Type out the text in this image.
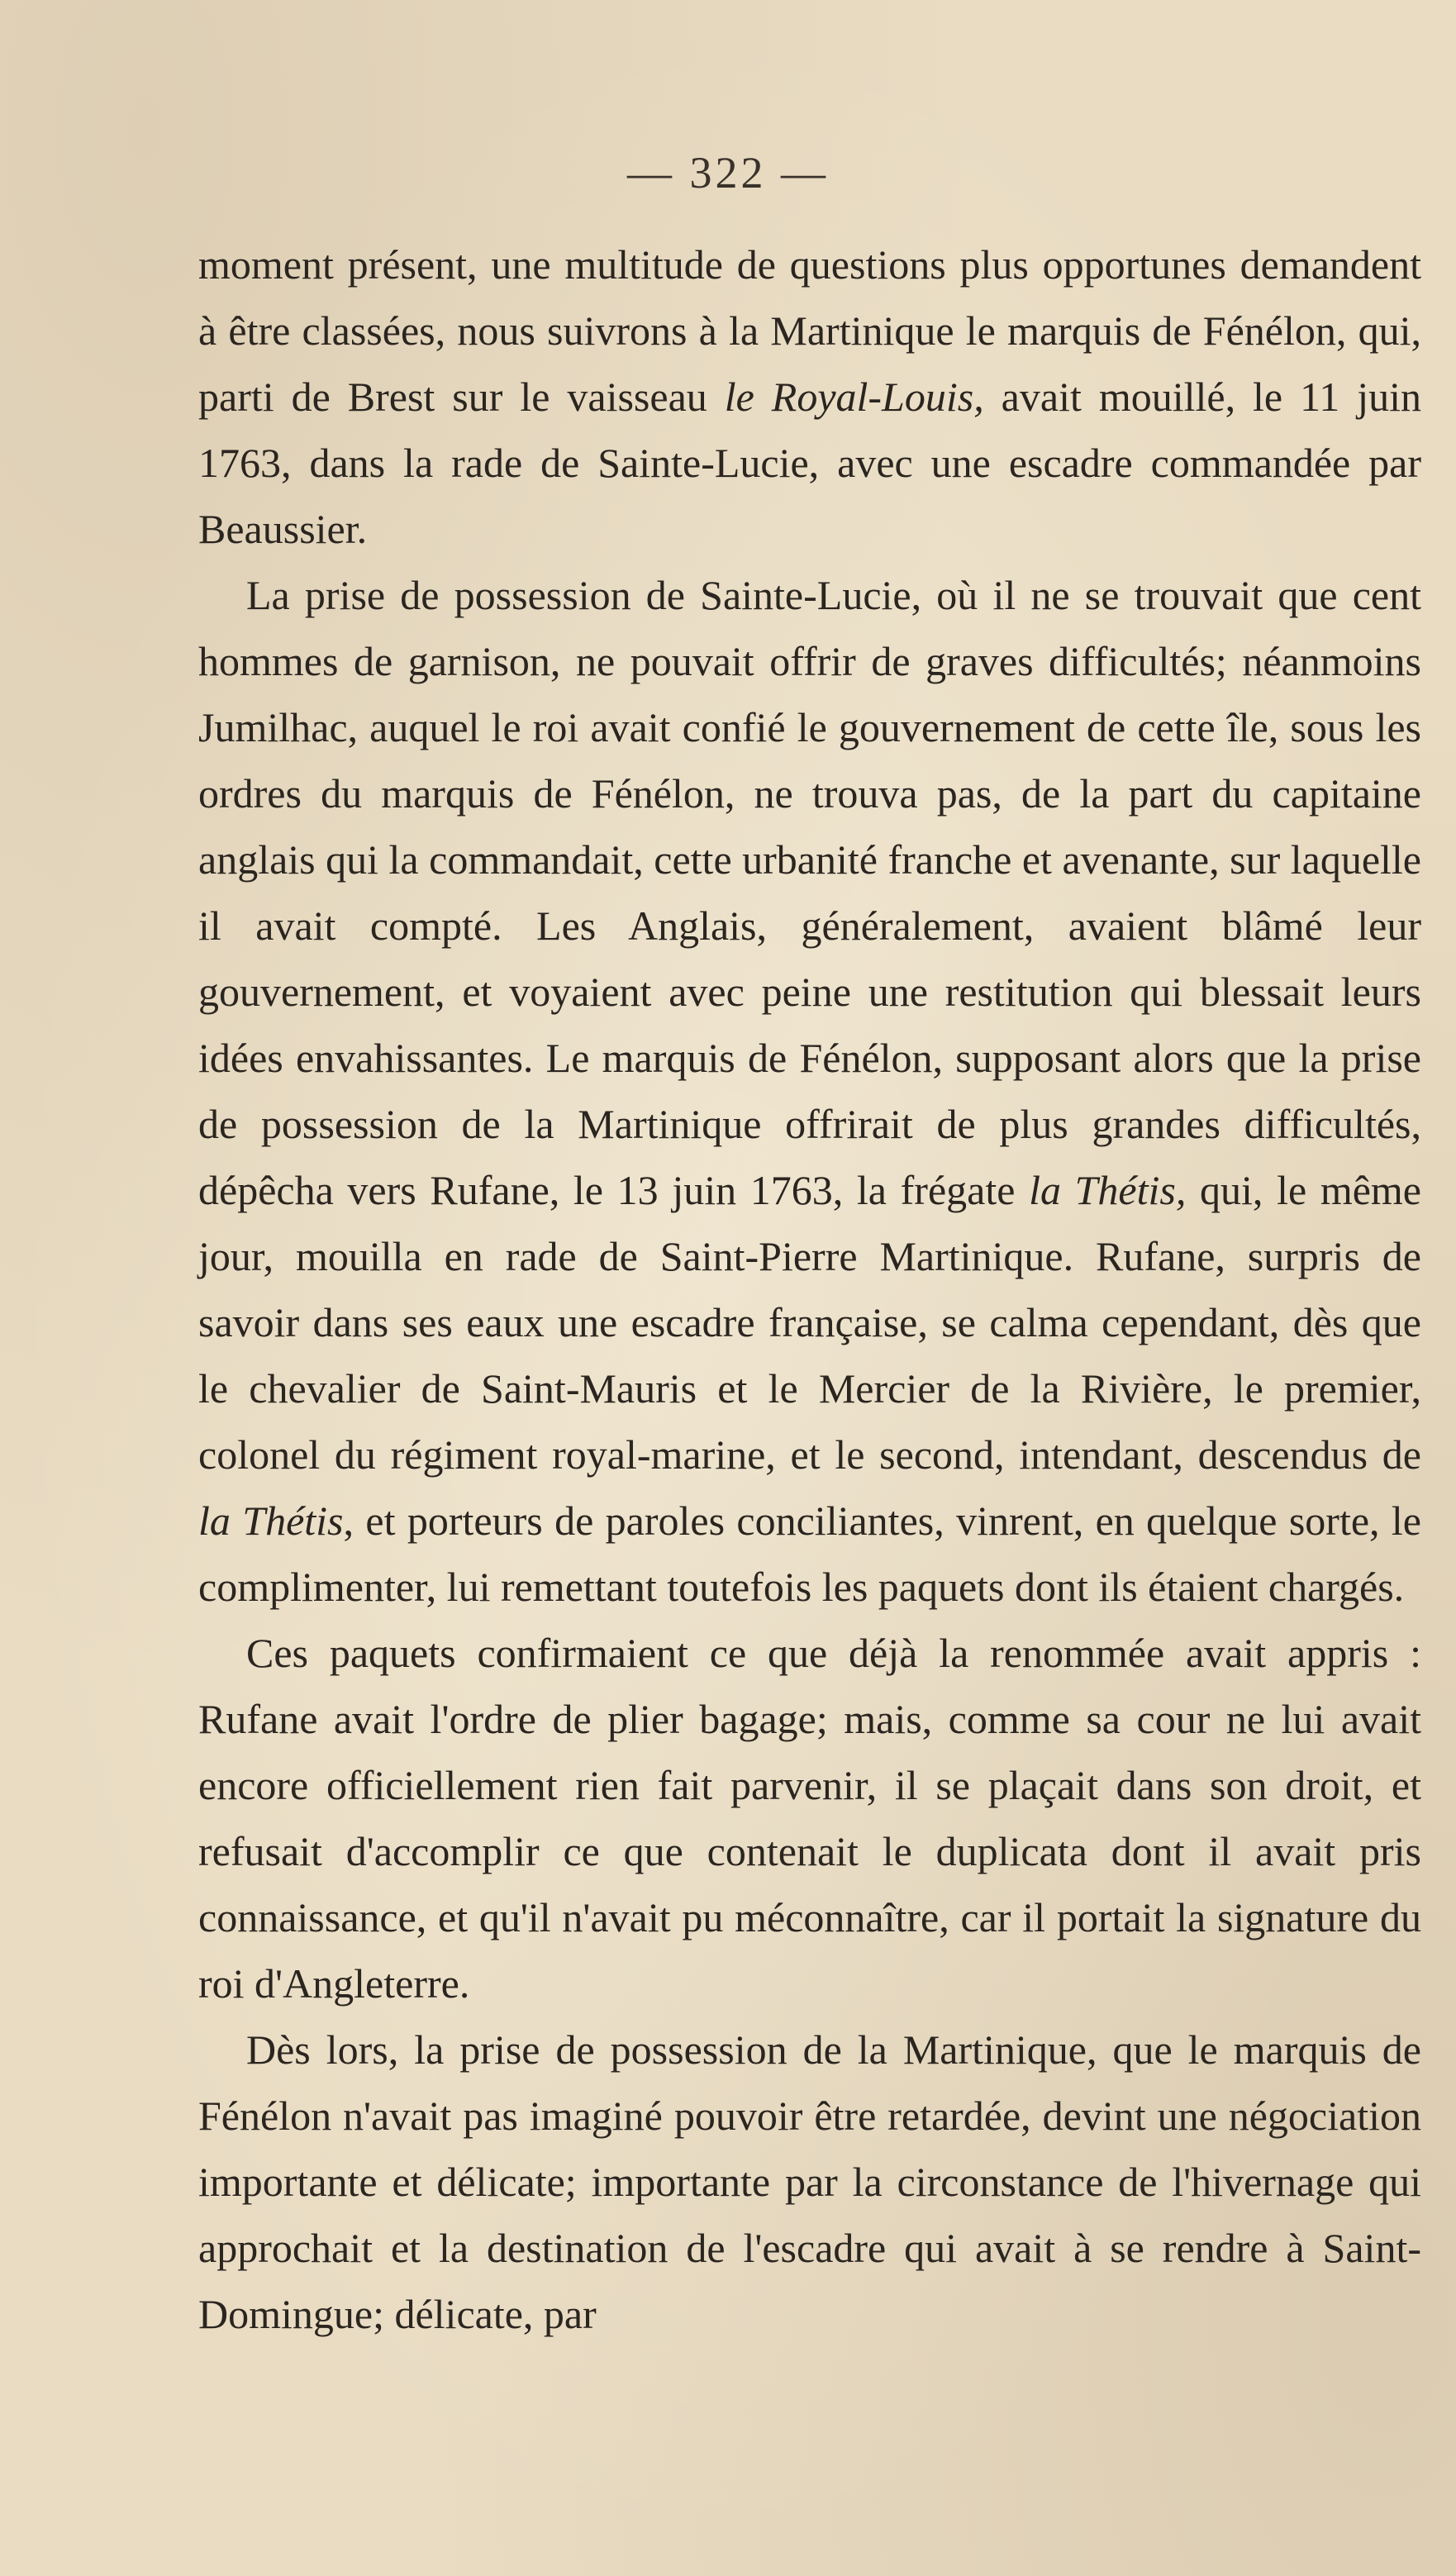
— 322 —

moment présent, une multitude de questions plus opportunes demandent à être classées, nous suivrons à la Martinique le marquis de Fénélon, qui, parti de Brest sur le vaisseau le Royal-Louis, avait mouillé, le 11 juin 1763, dans la rade de Sainte-Lucie, avec une escadre commandée par Beaussier.

La prise de possession de Sainte-Lucie, où il ne se trouvait que cent hommes de garnison, ne pouvait offrir de graves difficultés; néanmoins Jumilhac, auquel le roi avait confié le gouvernement de cette île, sous les ordres du marquis de Fénélon, ne trouva pas, de la part du capitaine anglais qui la commandait, cette urbanité franche et avenante, sur laquelle il avait compté. Les Anglais, généralement, avaient blâmé leur gouvernement, et voyaient avec peine une restitution qui blessait leurs idées envahissantes. Le marquis de Fénélon, supposant alors que la prise de possession de la Martinique offrirait de plus grandes difficultés, dépêcha vers Rufane, le 13 juin 1763, la frégate la Thétis, qui, le même jour, mouilla en rade de Saint-Pierre Martinique. Rufane, surpris de savoir dans ses eaux une escadre française, se calma cependant, dès que le chevalier de Saint-Mauris et le Mercier de la Rivière, le premier, colonel du régiment royal-marine, et le second, intendant, descendus de la Thétis, et porteurs de paroles conciliantes, vinrent, en quelque sorte, le complimenter, lui remettant toutefois les paquets dont ils étaient chargés.

Ces paquets confirmaient ce que déjà la renommée avait appris : Rufane avait l'ordre de plier bagage; mais, comme sa cour ne lui avait encore officiellement rien fait parvenir, il se plaçait dans son droit, et refusait d'accomplir ce que contenait le duplicata dont il avait pris connaissance, et qu'il n'avait pu méconnaître, car il portait la signature du roi d'Angleterre.

Dès lors, la prise de possession de la Martinique, que le marquis de Fénélon n'avait pas imaginé pouvoir être retardée, devint une négociation importante et délicate; importante par la circonstance de l'hivernage qui approchait et la destination de l'escadre qui avait à se rendre à Saint-Domingue; délicate, par
